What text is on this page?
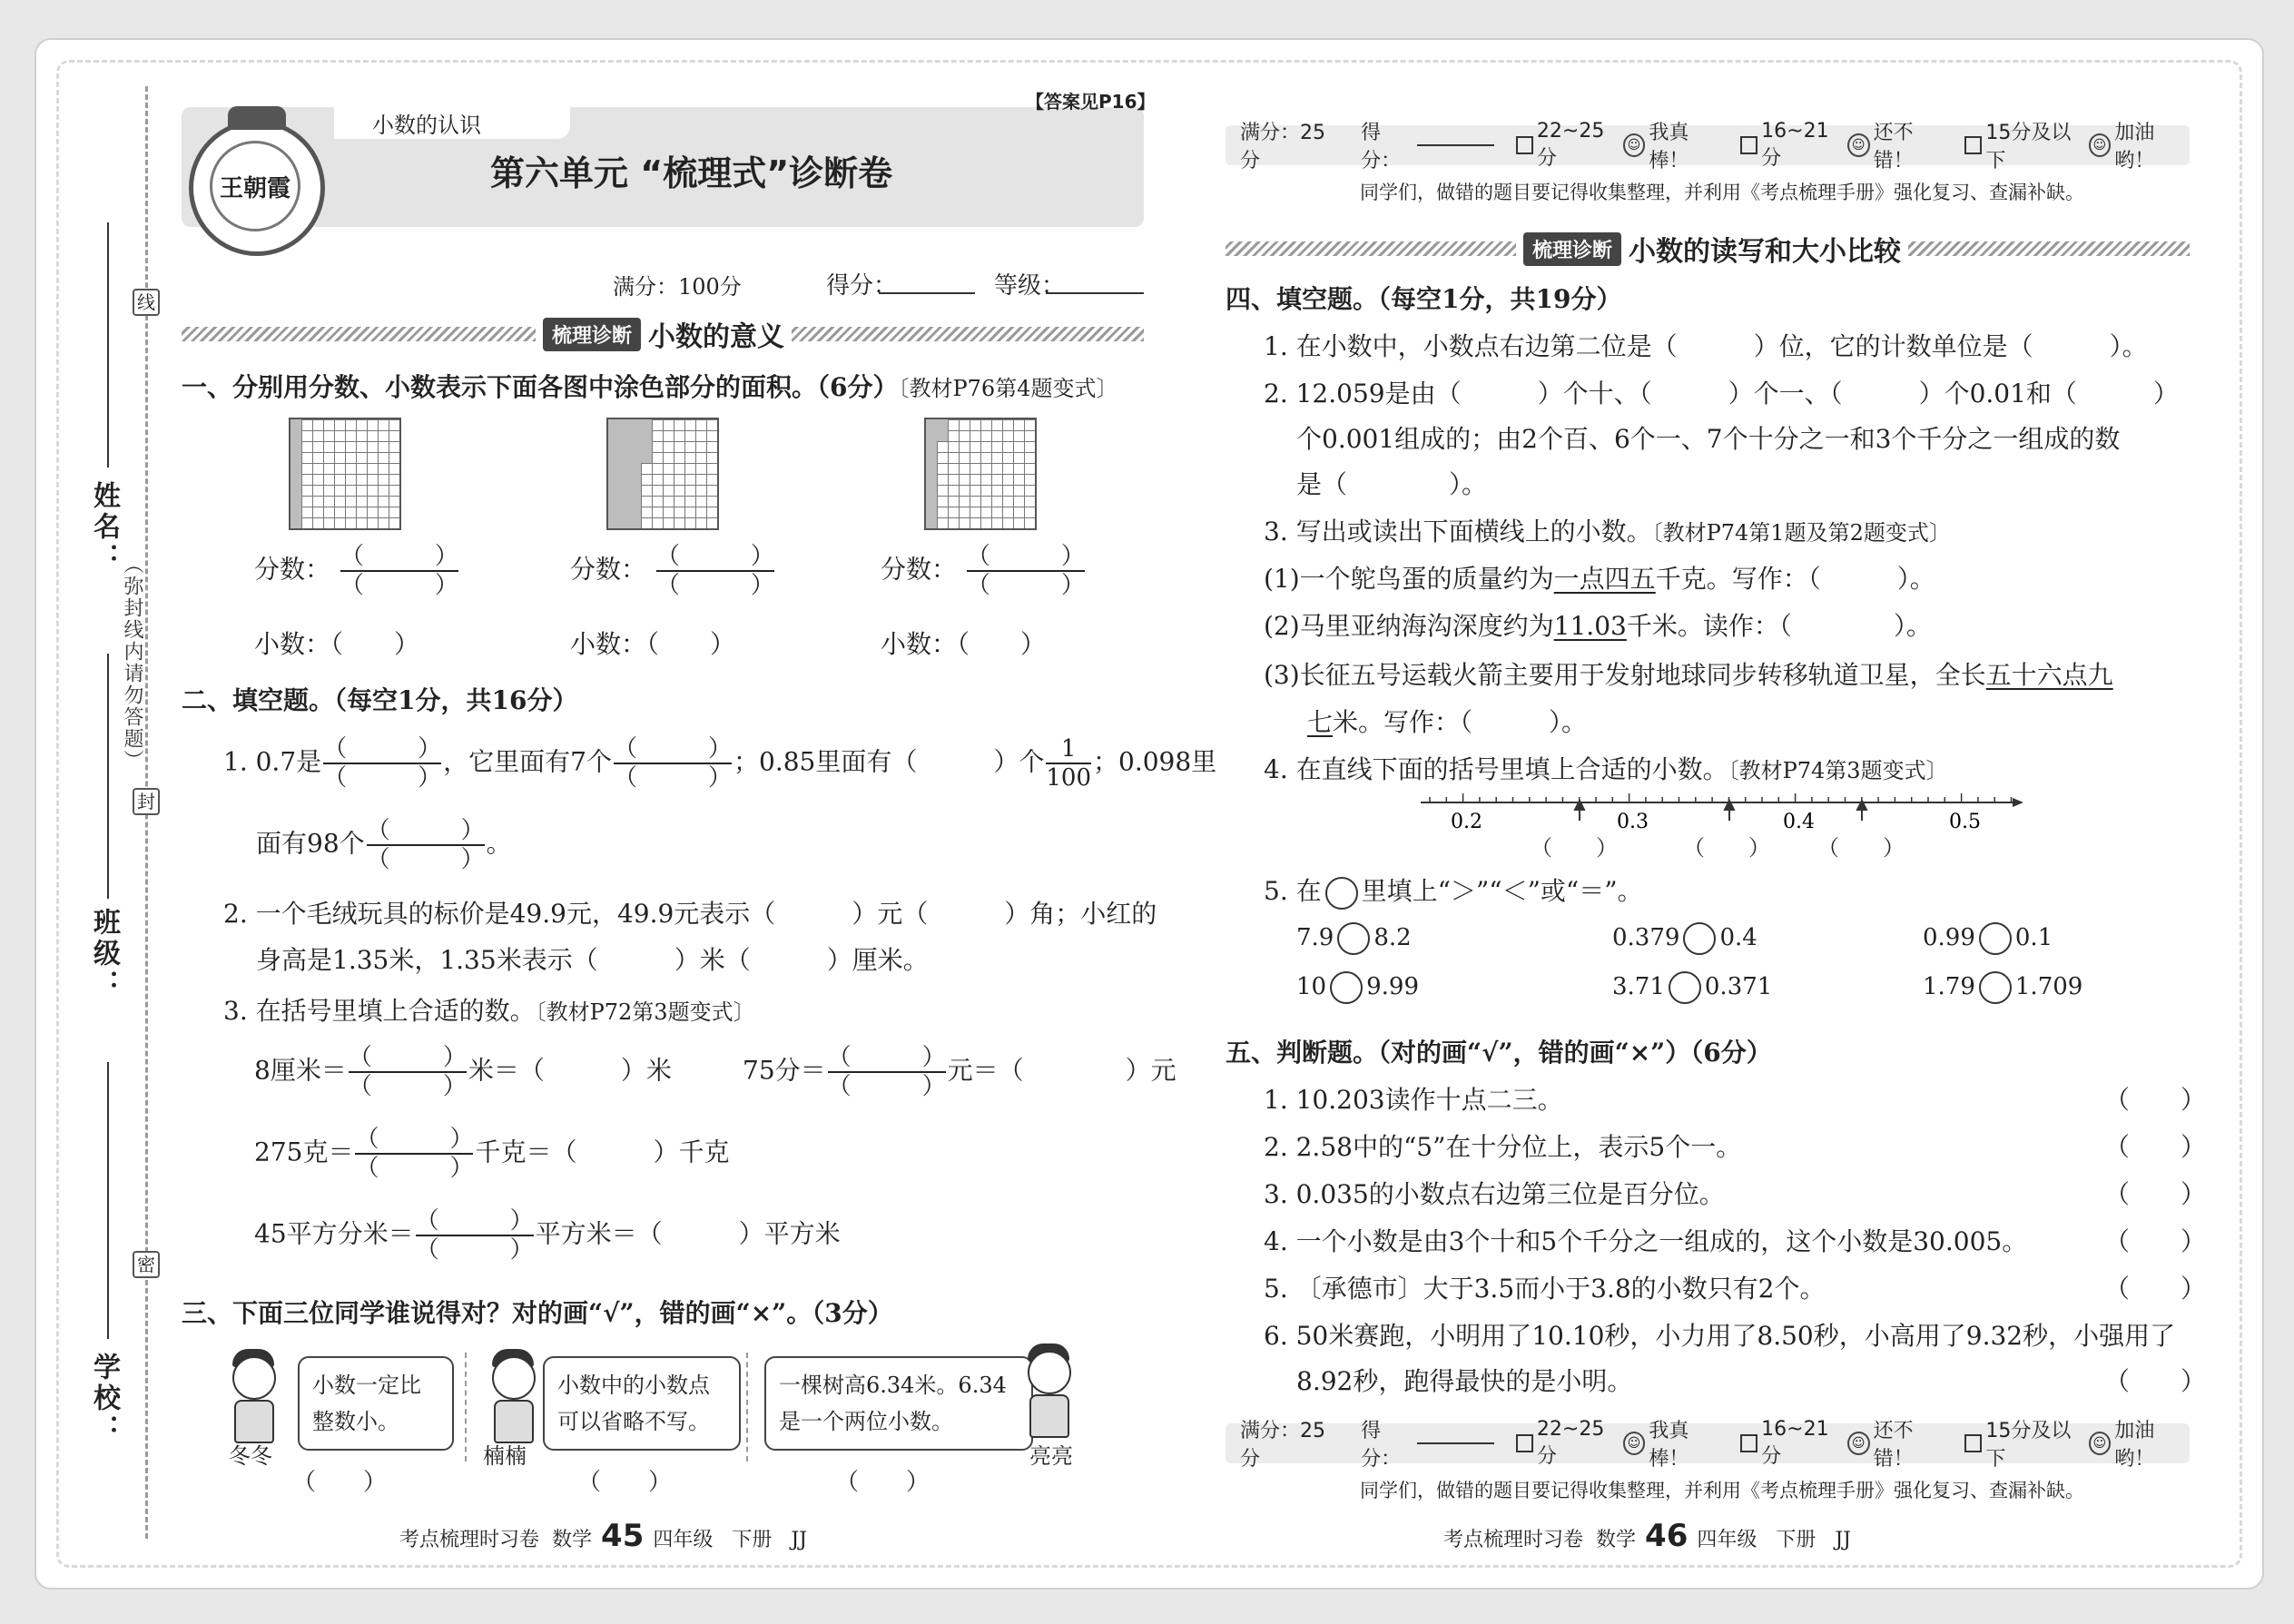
线
封
密
（弥封线内请勿答题）
姓名：
班级：
学校：
小数的认识
【答案见P16】
王朝霞	第六单元 “梳理式”诊断卷
满分：100分	得分：	等级：
梳理诊断 小数的意义
一、分别用分数、小数表示下面各图中涂色部分的面积。（6分）〔教材P76第4题变式〕
分数： $\frac{( )}{( )}$	分数： $\frac{( )}{( )}$	分数： $\frac{( )}{( )}$
小数：（　　）	小数：（　　）	小数：（　　）
二、填空题。（每空1分，共16分）
1. 0.7是 $\frac{( )}{( )}$ ，它里面有7个 $\frac{( )}{( )}$ ；0.85里面有（　　　）个 $\frac{1}{100}$ ；0.098里
面有98个 $\frac{( )}{( )}$ 。
2. 一个毛绒玩具的标价是49.9元，49.9元表示（　　　）元（　　　）角；小红的
身高是1.35米，1.35米表示（　　　）米（　　　）厘米。
3. 在括号里填上合适的数。〔教材P72第3题变式〕
8厘米＝ $\frac{( )}{( )}$ 米＝（　　　）米	75分＝ $\frac{( )}{( )}$ 元＝（　　　　）元
275克＝ $\frac{( )}{( )}$ 千克＝（　　　）千克
45平方分米＝ $\frac{( )}{( )}$ 平方米＝（　　　）平方米
三、下面三位同学谁说得对？对的画“√”，错的画“×”。（3分）
小数一定比
整数小。
冬冬
（　　）
小数中的小数点
可以省略不写。
楠楠
（　　）
一棵树高6.34米。6.34
是一个两位小数。
亮亮
（　　）
考点梳理时习卷 数学 45 四年级 下册 JJ
满分：25分
得分：
22~25分
☺
我真棒！
16~21分
☺
还不错！
15分及以下
☺
加油哟！
同学们，做错的题目要记得收集整理，并利用《考点梳理手册》强化复习、查漏补缺。
梳理诊断 小数的读写和大小比较
四、填空题。（每空1分，共19分）
1. 在小数中，小数点右边第二位是（　　　）位，它的计数单位是（　　　）。
2. 12.059是由（　　　）个十、（　　　）个一、（　　　）个0.01和（　　　）
个0.001组成的；由2个百、6个一、7个十分之一和3个千分之一组成的数
是（　　　　）。
3. 写出或读出下面横线上的小数。〔教材P74第1题及第2题变式〕
(1)一个鸵鸟蛋的质量约为一点四五千克。写作：（　　　）。
(2)马里亚纳海沟深度约为11.03千米。读作：（　　　　）。
(3)长征五号运载火箭主要用于发射地球同步转移轨道卫星，全长五十六点九
七米。写作：（　　　）。
4. 在直线下面的括号里填上合适的小数。〔教材P74第3题变式〕
0.2	0.3	0.4	0.5
（　　）	（　　） （　　）
5. 在 里填上“＞”“＜”或“＝”。
7.9 8.2	0.379 0.4	0.99 0.1
10 9.99	3.71 0.371	1.79 1.709
五、判断题。（对的画“√”，错的画“×”）（6分）
1. 10.203读作十点二三。
2. 2.58中的“5”在十分位上，表示5个一。
3. 0.035的小数点右边第三位是百分位。
4. 一个小数是由3个十和5个千分之一组成的，这个小数是30.005。
5. 〔承德市〕大于3.5而小于3.8的小数只有2个。
6. 50米赛跑，小明用了10.10秒，小力用了8.50秒，小高用了9.32秒，小强用了
8.92秒，跑得最快的是小明。
（　　）
（　　）
（　　）
（　　）
（　　）
（　　）
满分：25分
得分：
22~25分
☺
我真棒！
16~21分
☺
还不错！
15分及以下
☺
加油哟！
同学们，做错的题目要记得收集整理，并利用《考点梳理手册》强化复习、查漏补缺。
考点梳理时习卷 数学 46 四年级 下册 JJ
